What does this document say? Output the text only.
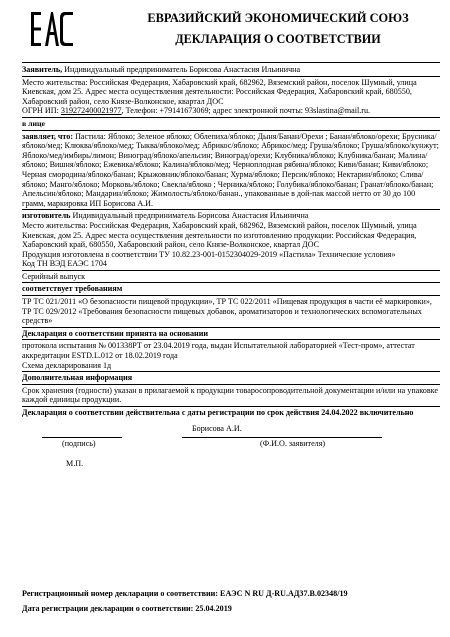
ЕВРАЗИЙСКИЙ ЭКОНОМИЧЕСКИЙ СОЮЗ
ДЕКЛАРАЦИЯ О СООТВЕТСТВИИ
Заявитель, Индивидуальный предприниматель Борисова Анастасия Ильинична
Место жительства: Российская Федерация, Хабаровский край, 682962, Вяземский район, поселок Шумный, улица Киевская, дом 25. Адрес места осуществления деятельности: Российская Федерация, Хабаровский край, 680550, Хабаровский район, село Князе-Волконское, квартал ДОС
ОГРН ИП: 319272400021977, Телефон: +79141673069; адрес электронной почты: 93slastina@mail.ru.
в лице
заявляет, что: Пастила: Яблоко; Зеленое яблоко; Облепиха/яблоко; Дыня/Банан/Орехи ; Банан/яблоко/орехи; Брусника/яблоко/мед; Клюква/яблоко/мед; Тыква/яблоко/мед; Абрикос/яблоко; Абрикос/мед; Груша/яблоко; Груша/яблоко/кунжут; Яблоко/мед/имбирь/лимон; Виноград/яблоко/апельсин; Виноград/орехи; Клубника/яблоко; Клубника/банан; Малина/яблоко; Вишня/яблоко; Ежевика/яблоко; Калина/яблоко/мед; Черноплодная рябина/яблоко; Киви/банан; Киви/яблоко; Черная смородина/яблоко/банан; Крыжовник/яблоко/банан; Хурма/яблоко; Персик/яблоко; Нектарин/яблоко; Слива/яблоко; Манго/яблоко; Морковь/яблоко; Свекла/яблоко ; Черника/яблоко; Голубика/яблоко/банан; Гранат/яблоко/банан; Апельсин/яблоко; Мандарин/яблоко; Жимолость/яблоко/банан., упакованные в дой-пак массой нетто от 30 до 100 грамм, маркировка ИП Борисова А.И.
изготовитель Индивидуальный предприниматель Борисова Анастасия Ильинична
Место жительства: Российская Федерация, Хабаровский край, 682962, Вяземский район, поселок Шумный, улица Киевская, дом 25. Адрес места осуществления деятельности по изготовлению продукции: Российская Федерация, Хабаровский край, 680550, Хабаровский район, село Князе-Волконское, квартал ДОС
Продукция изготовлена в соответствии ТУ 10.82.23-001-0152304029-2019 «Пастила» Технические условия»
Код ТН ВЭД ЕАЭС 1704
Серийный выпуск
соответствует требованиям
ТР ТС 021/2011 «О безопасности пищевой продукции», ТР ТС 022/2011 «Пищевая продукция в части её маркировки», ТР ТС 029/2012 «Требования безопасности пищевых добавок, ароматизаторов и технологических вспомогательных средств»
Декларация о соответствии принята на основании
протокола испытания № 001338РТ от 23.04.2019 года, выдан Испытательной лабораторией «Тест-пром», аттестат аккредитации ESTD.L.012 от 18.02.2019 года
Схема декларирования 1д
Дополнительная информация
Срок хранения (годности) указан в прилагаемой к продукции товаросопроводительной документации и/или на упаковке каждой единицы продукции.
Декларация о соответствии действительна с даты регистрации по срок действия 24.04.2022 включительно
Борисова А.И.
(подпись)	(Ф.И.О. заявителя)
М.П.
Регистрационный номер декларации о соответствии: ЕАЭС N RU Д-RU.АД37.В.02348/19
Дата регистрации декларации о соответствии: 25.04.2019
